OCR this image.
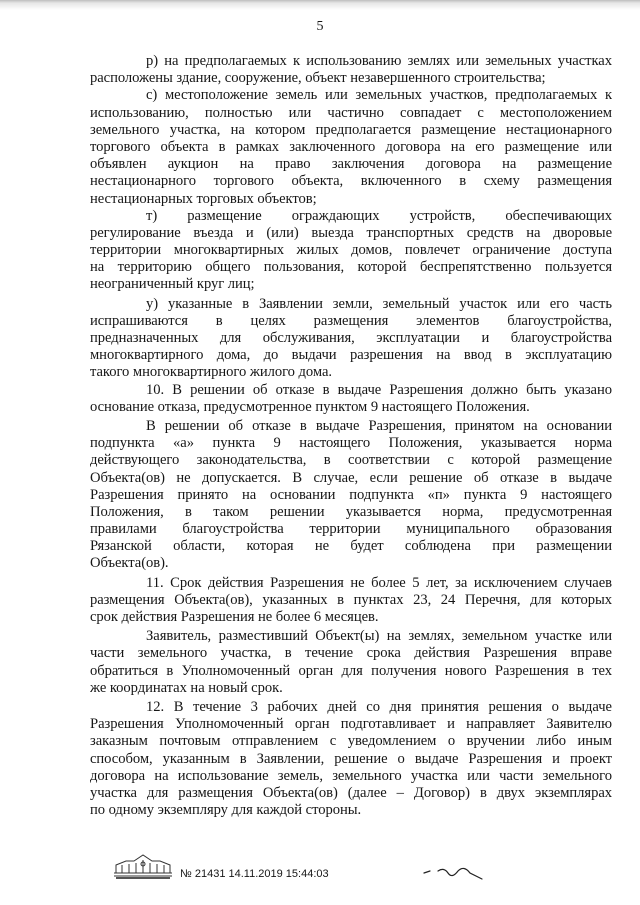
5

р) на предполагаемых к использованию землях или земельных участках

расположены здание, сооружение, объект незавершенного строительства;

с) местоположение земель или земельных участков, предполагаемых к

использованию, полностью или частично совпадает с местоположением

земельного участка, на котором предполагается размещение нестационарного

торгового объекта в рамках заключенного договора на его размещение или

объявлен аукцион на право заключения договора на размещение

нестационарного торгового объекта, включенного в схему размещения

нестационарных торговых объектов;

т) размещение ограждающих устройств, обеспечивающих

регулирование въезда и (или) выезда транспортных средств на дворовые

территории многоквартирных жилых домов, повлечет ограничение доступа

на территорию общего пользования, которой беспрепятственно пользуется

неограниченный круг лиц;

у) указанные в Заявлении земли, земельный участок или его часть

испрашиваются в целях размещения элементов благоустройства,

предназначенных для обслуживания, эксплуатации и благоустройства

многоквартирного дома, до выдачи разрешения на ввод в эксплуатацию

такого многоквартирного жилого дома.

10. В решении об отказе в выдаче Разрешения должно быть указано

основание отказа, предусмотренное пунктом 9 настоящего Положения.

В решении об отказе в выдаче Разрешения, принятом на основании

подпункта «а» пункта 9 настоящего Положения, указывается норма

действующего законодательства, в соответствии с которой размещение

Объекта(ов) не допускается. В случае, если решение об отказе в выдаче

Разрешения принято на основании подпункта «п» пункта 9 настоящего

Положения, в таком решении указывается норма, предусмотренная

правилами благоустройства территории муниципального образования

Рязанской области, которая не будет соблюдена при размещении

Объекта(ов).

11. Срок действия Разрешения не более 5 лет, за исключением случаев

размещения Объекта(ов), указанных в пунктах 23, 24 Перечня, для которых

срок действия Разрешения не более 6 месяцев.

Заявитель, разместивший Объект(ы) на землях, земельном участке или

части земельного участка, в течение срока действия Разрешения вправе

обратиться в Уполномоченный орган для получения нового Разрешения в тех

же координатах на новый срок.

12. В течение 3 рабочих дней со дня принятия решения о выдаче

Разрешения Уполномоченный орган подготавливает и направляет Заявителю

заказным почтовым отправлением с уведомлением о вручении либо иным

способом, указанным в Заявлении, решение о выдаче Разрешения и проект

договора на использование земель, земельного участка или части земельного

участка для размещения Объекта(ов) (далее – Договор) в двух экземплярах

по одному экземпляру для каждой стороны.

№ 21431 14.11.2019 15:44:03
